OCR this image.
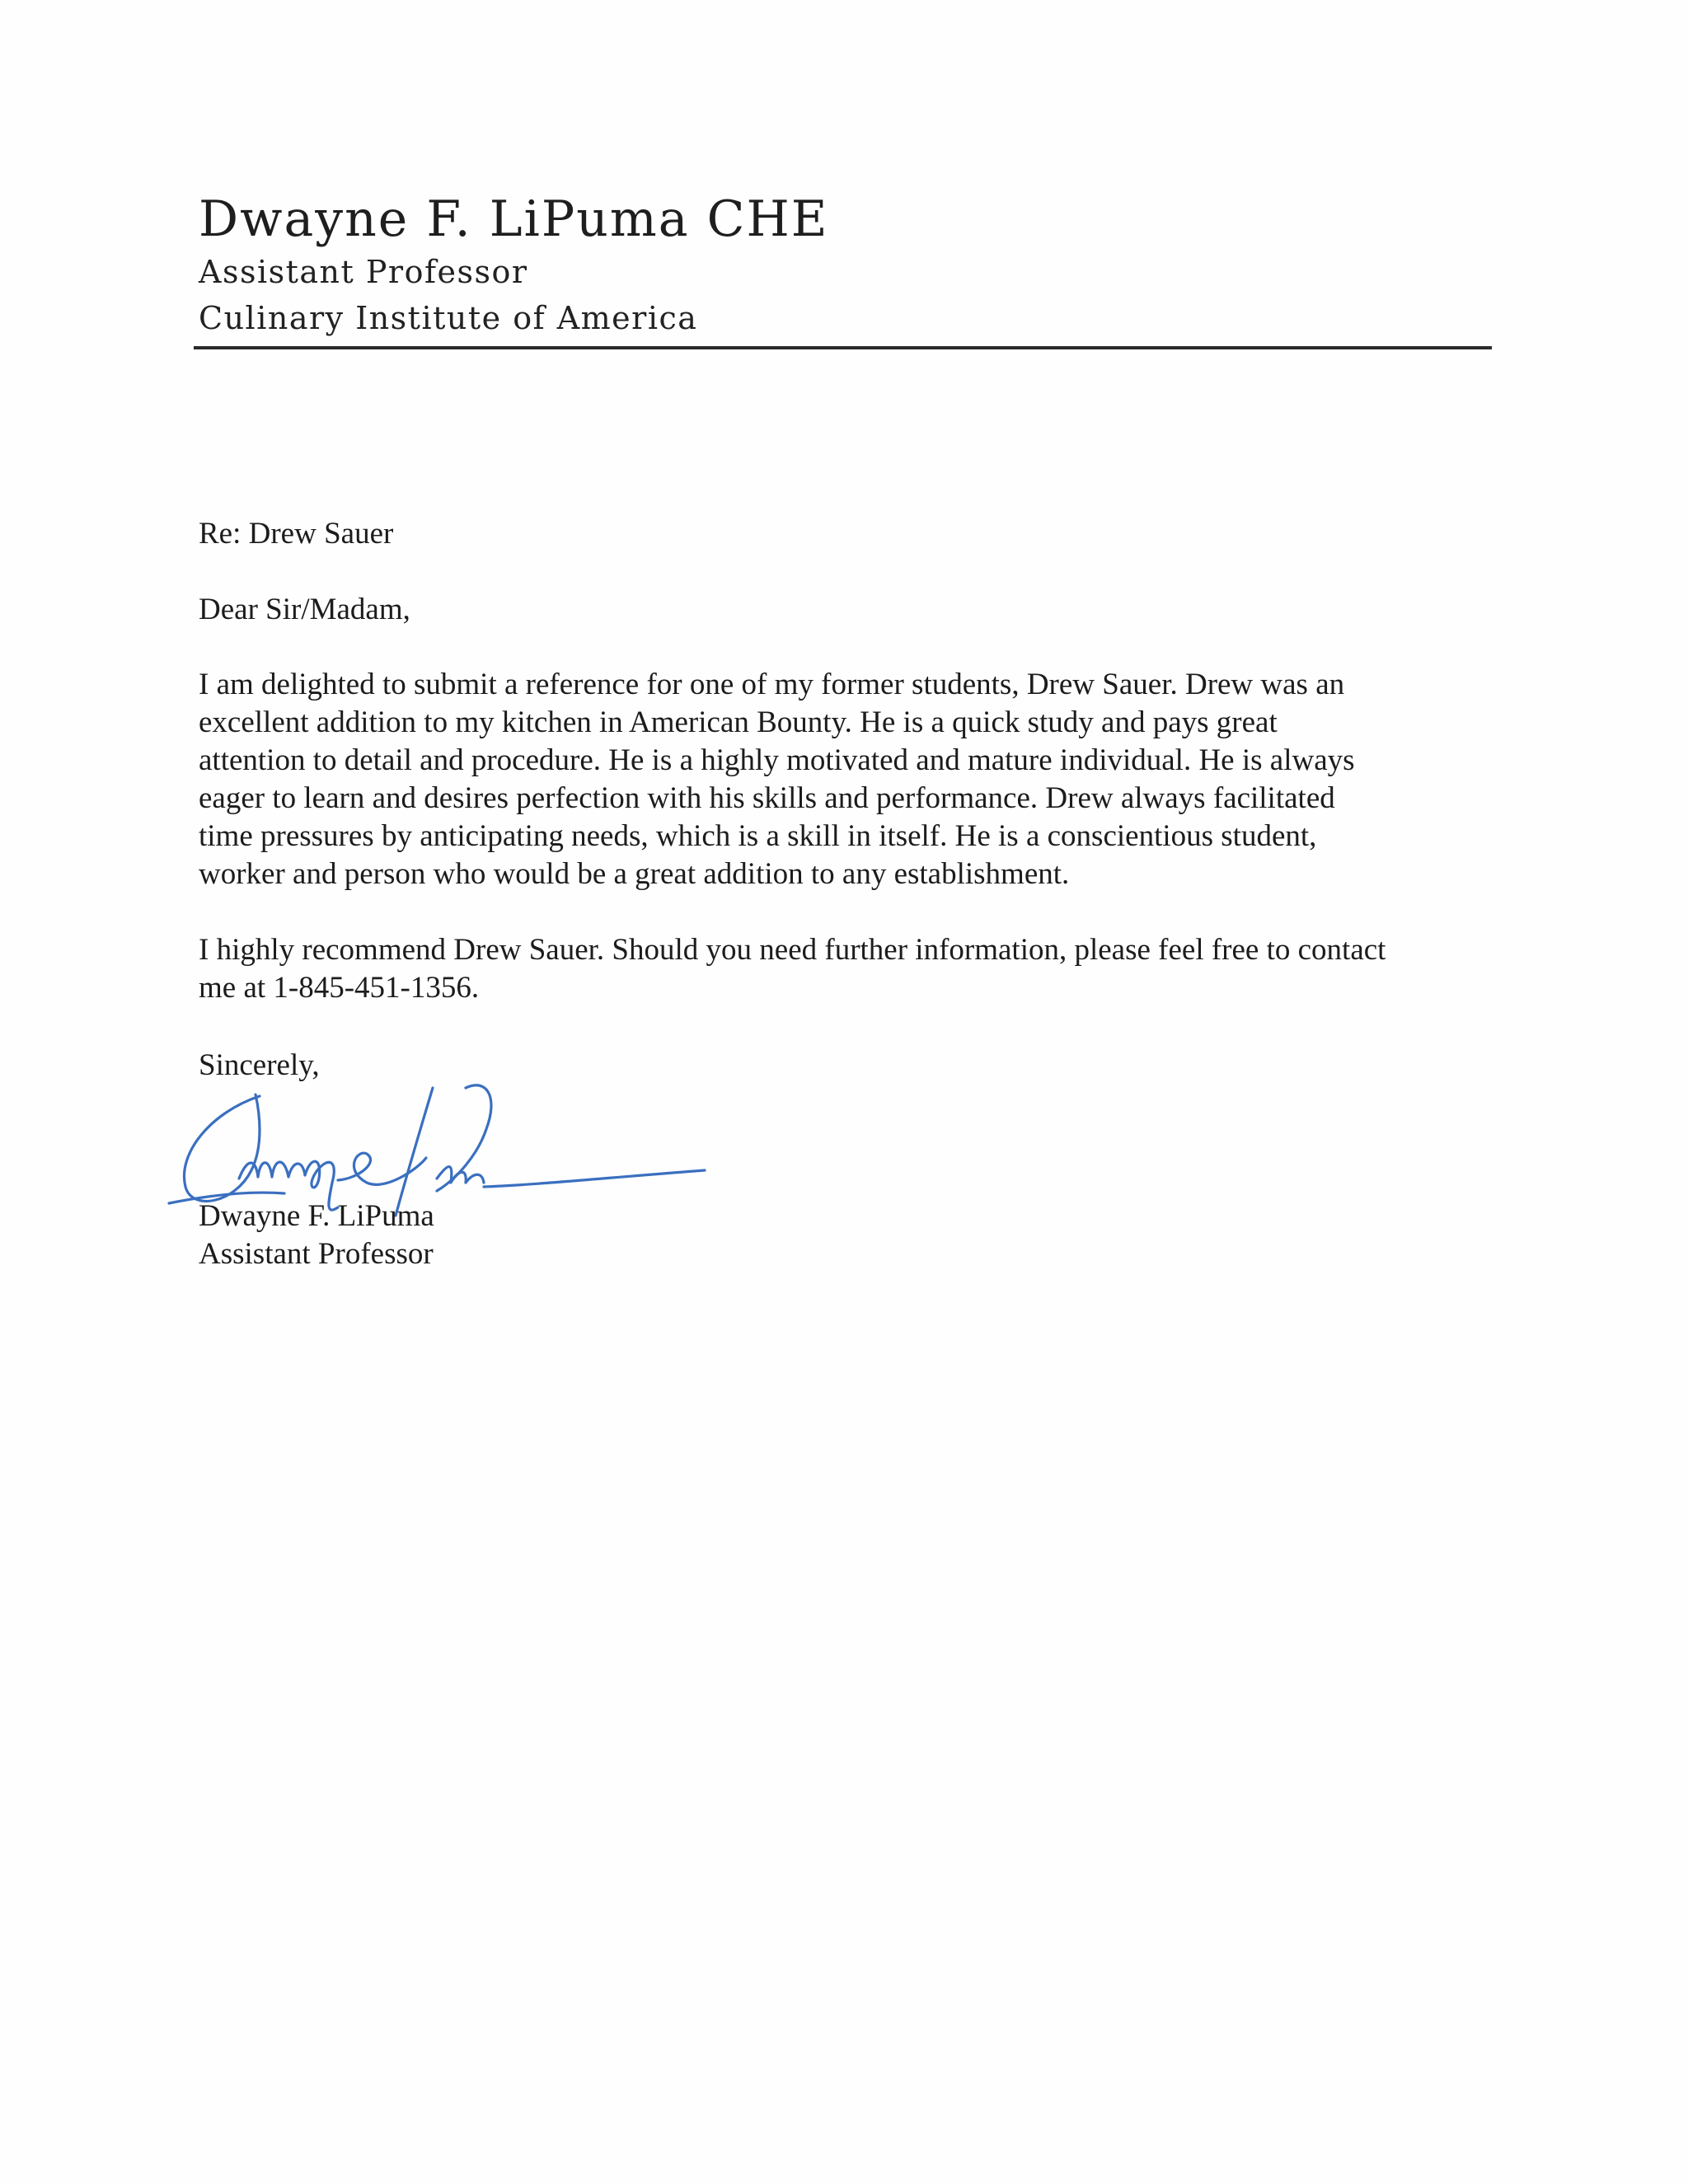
Dwayne F. LiPuma CHE
Assistant Professor
Culinary Institute of America
Re: Drew Sauer
Dear Sir/Madam,
I am delighted to submit a reference for one of my former students, Drew Sauer. Drew was an
excellent addition to my kitchen in American Bounty. He is a quick study and pays great
attention to detail and procedure. He is a highly motivated and mature individual. He is always
eager to learn and desires perfection with his skills and performance. Drew always facilitated
time pressures by anticipating needs, which is a skill in itself. He is a conscientious student,
worker and person who would be a great addition to any establishment.
I highly recommend Drew Sauer. Should you need further information, please feel free to contact
me at 1-845-451-1356.
Sincerely,
Dwayne F. LiPuma
Assistant Professor
